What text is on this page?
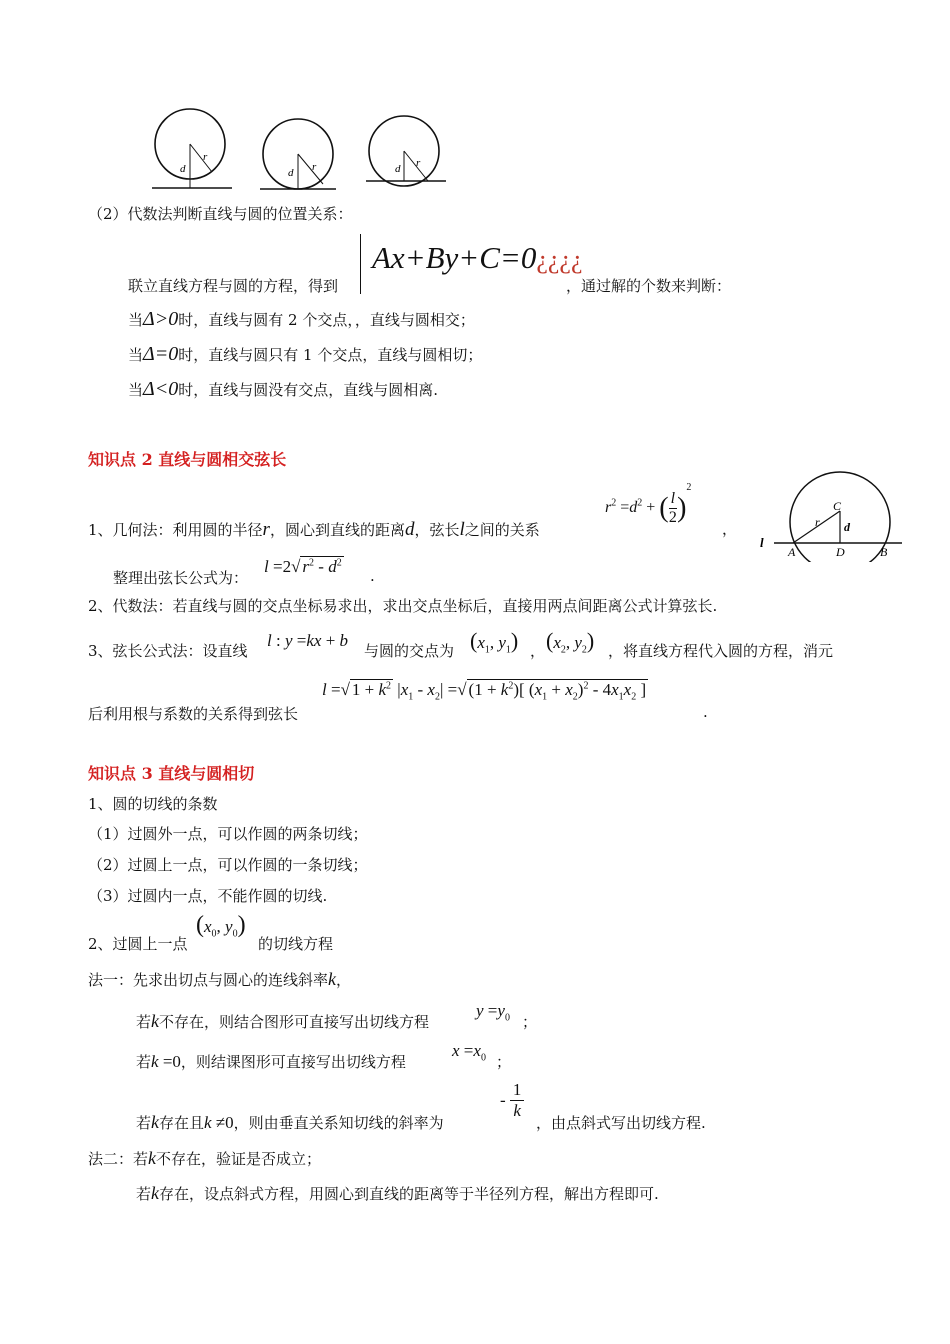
d
r
d r	d r
（2）代数法判断直线与圆的位置关系：
联立直线方程与圆的方程，得到
Ax+By+C=0¿¿¿¿
，通过解的个数来判断：
当Δ>0时，直线与圆有 2 个交点，，直线与圆相交；
当Δ=0时，直线与圆只有 1 个交点，直线与圆相切；
当Δ<0时，直线与圆没有交点，直线与圆相离.
知识点 2 直线与圆相交弦长
$r^2 =d^2$ + ( $\frac{l}{2} )^2$
，
1、几何法：利用圆的半径r，圆心到直线的距离d，弦长l之间的关系
C
d
r
l
A	D	B
整理出弦长公式为：
l =2√ $r^2 - d^2$
.
2、代数法：若直线与圆的交点坐标易求出，求出交点坐标后，直接用两点间距离公式计算弦长.
3、弦长公式法：设直线
l : y =kx + b
与圆的交点为 ($x_1$, $y_1$) ， ($x_2$, $y_2$) ，将直线方程代入圆的方程，消元
后利用根与系数的关系得到弦长
l =√ $1 + k^2$ $|x_1 - x_2|$ =√ $(1 + k^2)$[ $(x_1 + x_2)^2 - 4x_1x_2$ ]
.
知识点 3 直线与圆相切
1、圆的切线的条数
（1）过圆外一点，可以作圆的两条切线；
（2）过圆上一点，可以作圆的一条切线；
（3）过圆内一点，不能作圆的切线.
2、过圆上一点
($x_0$, $y_0$)
的切线方程
法一：先求出切点与圆心的连线斜率k，
若k不存在，则结合图形可直接写出切线方程
$y =y_0$ ；
若k =0，则结课图形可直接写出切线方程
$x =x_0$ ；
若k存在且k ≠0，则由垂直关系知切线的斜率为
- $\frac{1}{k}$
，由点斜式写出切线方程.
法二：若k不存在，验证是否成立；
若k存在，设点斜式方程，用圆心到直线的距离等于半径列方程，解出方程即可.
